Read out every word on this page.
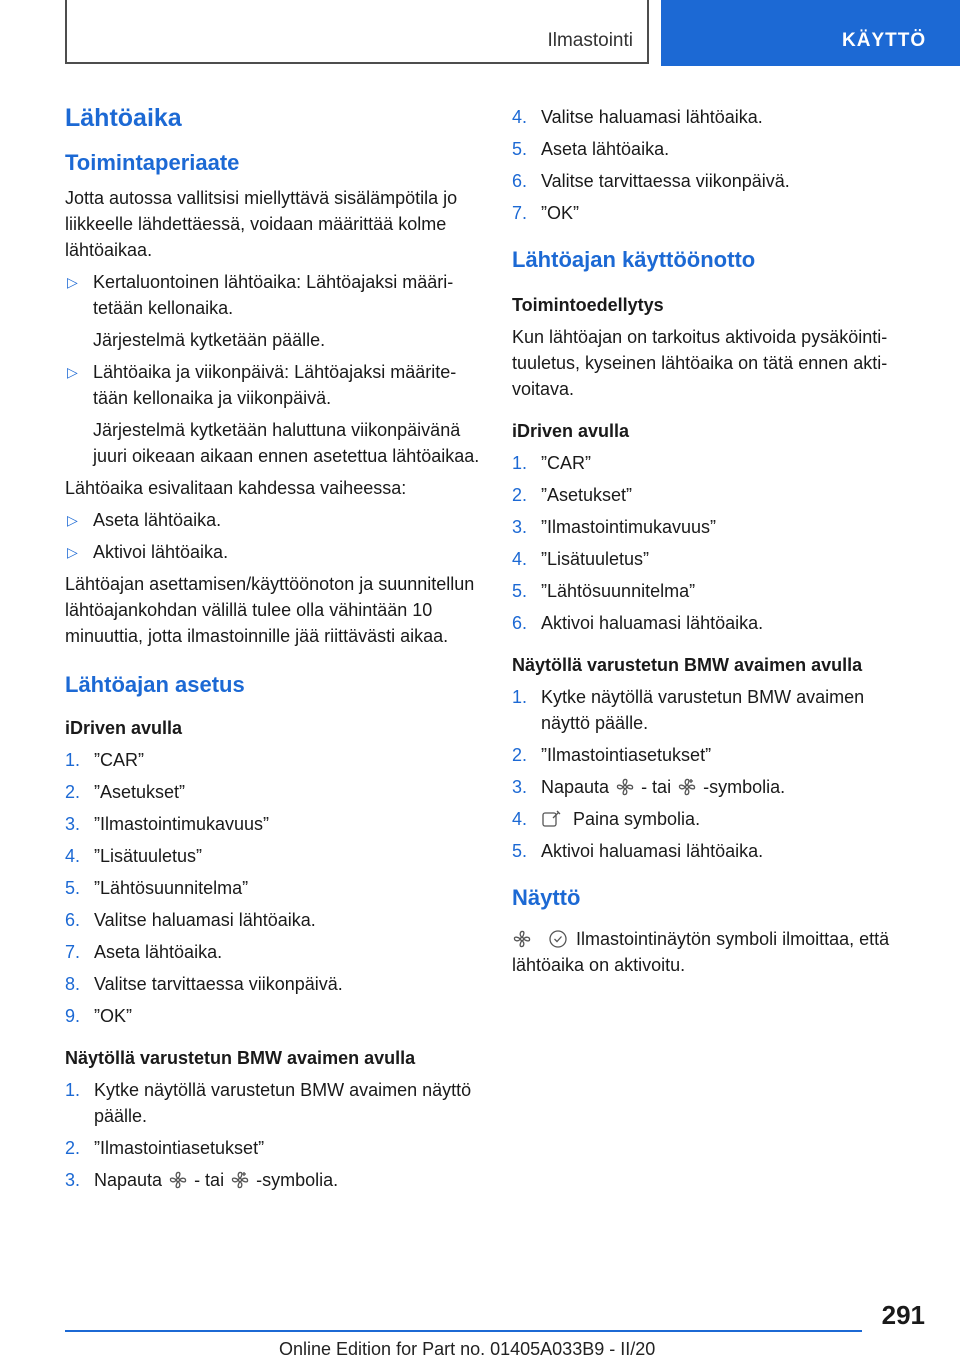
Ilmastointi	KÄYTTÖ
Lähtöaika
Toimintaperiaate

Jotta autossa vallitsisi miellyttävä sisälämpötila jo liikkeelle lähdettäessä, voidaan määrittää kolme lähtöaikaa.

▷ Kertaluontoinen lähtöaika: Lähtöajaksi määritetään kellonaika.
Järjestelmä kytketään päälle.
▷ Lähtöaika ja viikonpäivä: Lähtöajaksi määritetään kellonaika ja viikonpäivä.
Järjestelmä kytketään haluttuna viikonpäivänä juuri oikeaan aikaan ennen asetettua lähtöaikaa.

Lähtöaika esivalitaan kahdessa vaiheessa:

▷ Aseta lähtöaika.
▷ Aktivoi lähtöaika.

Lähtöajan asettamisen/käyttöönoton ja suunnitellun lähtöajankohdan välillä tulee olla vähintään 10 minuuttia, jotta ilmastoinnille jää riittävästi aikaa.

Lähtöajan asetus
iDriven avulla
1. ”CAR”
2. ”Asetukset”
3. ”Ilmastointimukavuus”
4. ”Lisätuuletus”
5. ”Lähtösuunnitelma”
6. Valitse haluamasi lähtöaika.
7. Aseta lähtöaika.
8. Valitse tarvittaessa viikonpäivä.
9. ”OK”
Näytöllä varustetun BMW avaimen avulla
1. Kytke näytöllä varustetun BMW avaimen näyttö päälle.
2. ”Ilmastointiasetukset”
3. Napauta - tai -symbolia.
4. Valitse haluamasi lähtöaika.
5. Aseta lähtöaika.
6. Valitse tarvittaessa viikonpäivä.
7. ”OK”
Lähtöajan käyttöönotto
Toimintoedellytys

Kun lähtöajan on tarkoitus aktivoida pysäköintituuletus, kyseinen lähtöaika on tätä ennen aktivoitava.

iDriven avulla
1. ”CAR”
2. ”Asetukset”
3. ”Ilmastointimukavuus”
4. ”Lisätuuletus”
5. ”Lähtösuunnitelma”
6. Aktivoi haluamasi lähtöaika.
Näytöllä varustetun BMW avaimen avulla
1. Kytke näytöllä varustetun BMW avaimen näyttö päälle.
2. ”Ilmastointiasetukset”
3. Napauta - tai -symbolia.
4.	Paina symbolia.
5. Aktivoi haluamasi lähtöaika.
Näyttö

Ilmastointinäytön symboli ilmoittaa, että lähtöaika on aktivoitu.

291
Online Edition for Part no. 01405A033B9 - II/20
